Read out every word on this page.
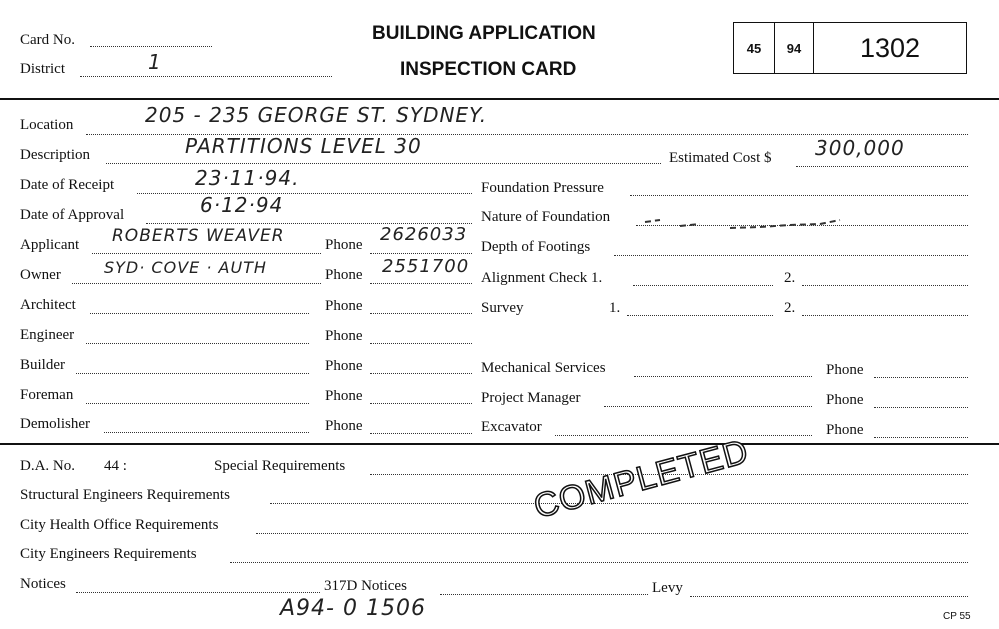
Card No.
District	1
BUILDING APPLICATION
INSPECTION CARD
45	94	1302
Location	205 - 235 GEORGE ST. SYDNEY.
Description	PARTITIONS LEVEL 30	Estimated Cost $ 300,000
Date of Receipt	23·11·94.
Date of Approval	6·12·94
Applicant ROBERTS WEAVER	Phone 2626033
Owner	SYD· COVE · AUTH	Phone 2551700
Architect	Phone
Engineer	Phone
Builder	Phone
Foreman	Phone
Demolisher	Phone
Foundation Pressure
Nature of Foundation
Depth of Footings
Alignment Check 1.	2.
Survey	1.	2.
Mechanical Services	Phone
Project Manager	Phone
Excavator	Phone
D.A. No. 44 :	Special Requirements
Structural Engineers Requirements
City Health Office Requirements
City Engineers Requirements
Notices	317D Notices	Levy
A94- 0 1506	CP 55
COMPLETED
